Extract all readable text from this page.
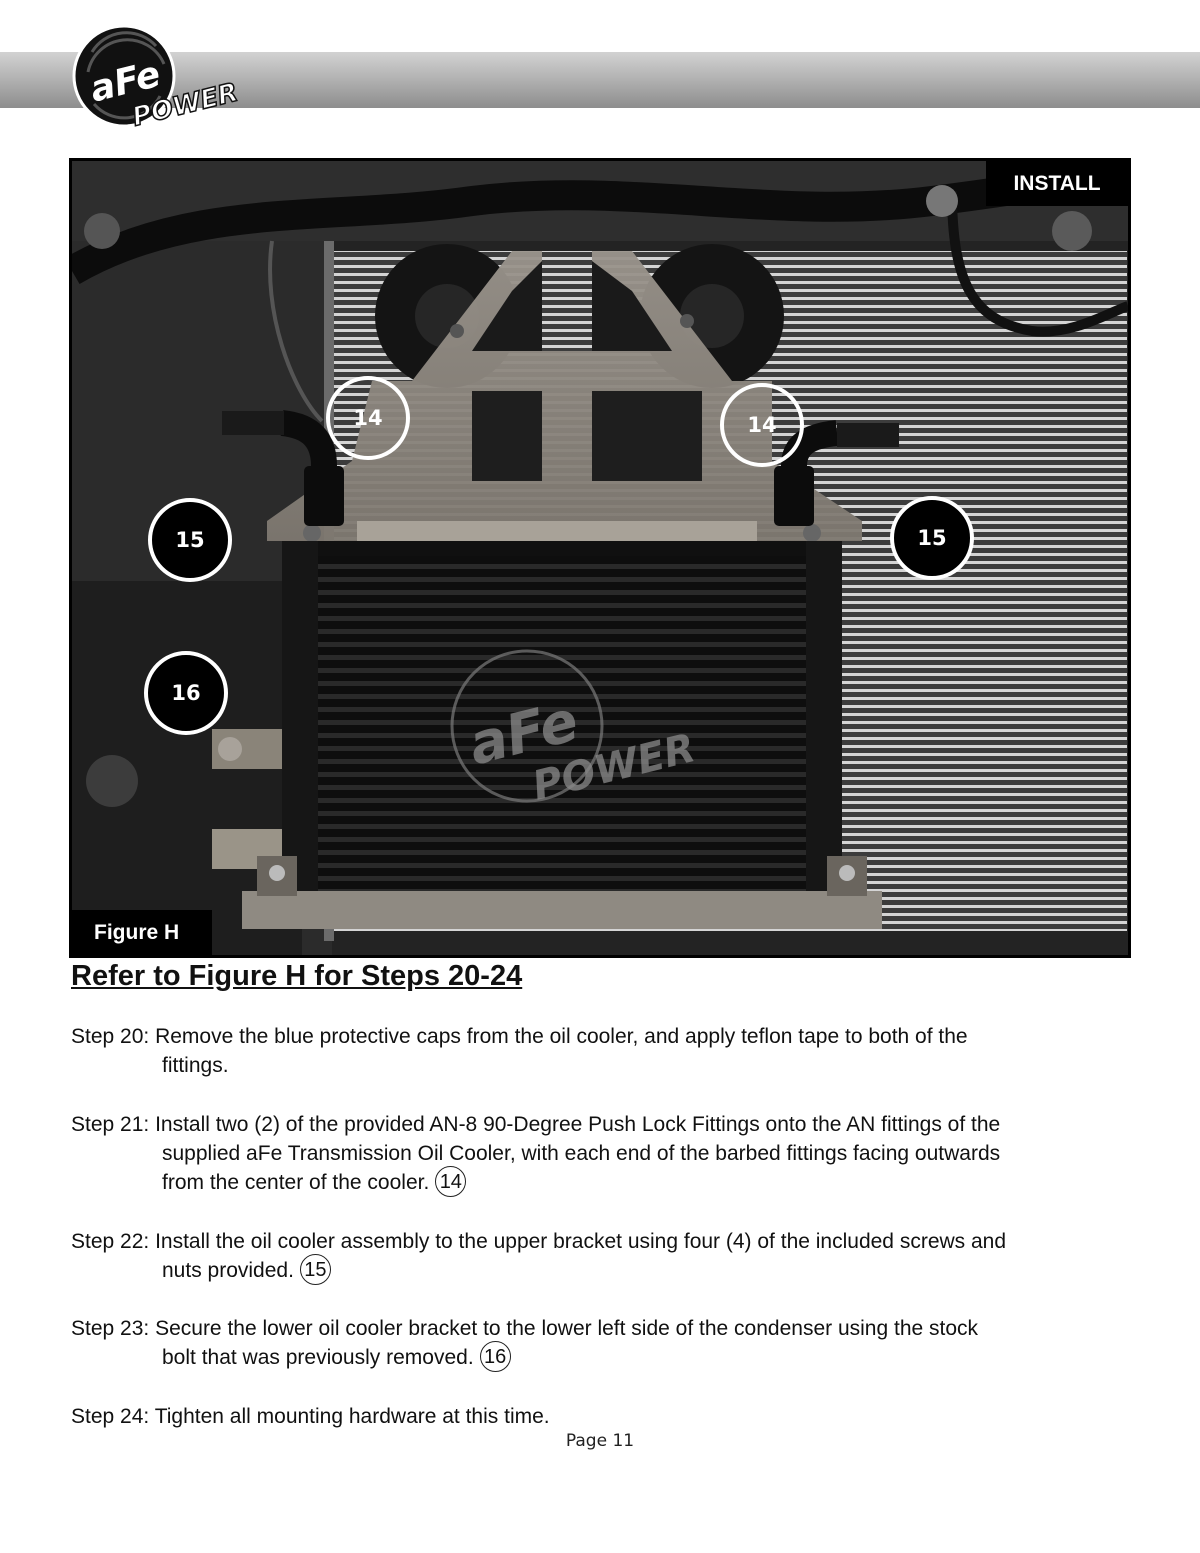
aFe
POWER
aFe
POWER
INSTALL
Figure H
14	14
15	15
16
Refer to Figure H for Steps 20-24
Step 20: Remove the blue protective caps from the oil cooler, and apply teflon tape to both of the
fittings.
Step 21: Install two (2) of the provided AN-8 90-Degree Push Lock Fittings onto the AN fittings of the
supplied aFe Transmission Oil Cooler, with each end of the barbed fittings facing outwards
from the center of the cooler. 14
Step 22: Install the oil cooler assembly to the upper bracket using four (4) of the included screws and
nuts provided. 15
Step 23: Secure the lower oil cooler bracket to the lower left side of the condenser using the stock
bolt that was previously removed. 16
Step 24: Tighten all mounting hardware at this time.
Page 11
